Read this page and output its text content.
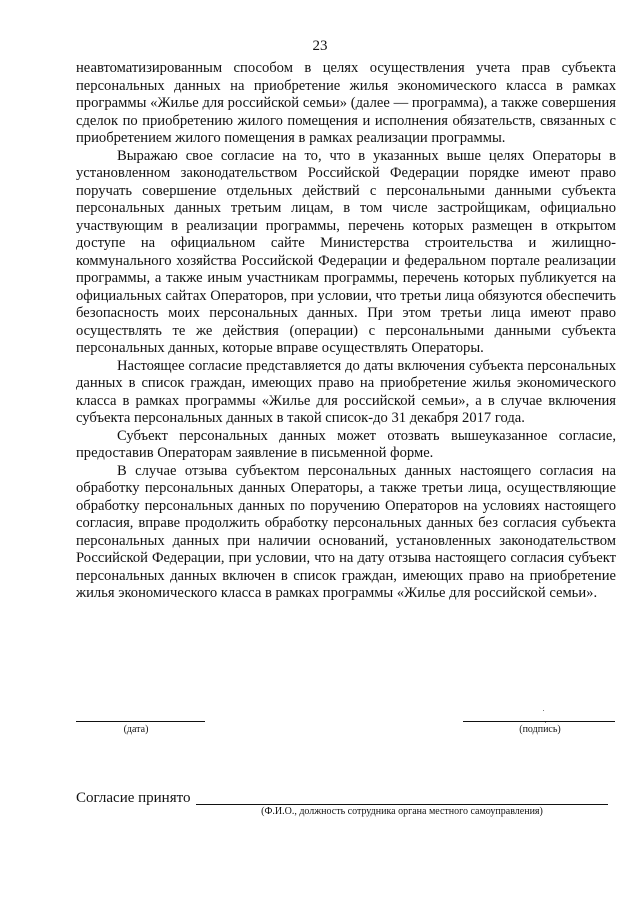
23

неавтоматизированным способом в целях осуществления учета прав субъекта персональных данных на приобретение жилья экономического класса в рамках программы «Жилье для российской семьи» (далее — программа), а также совершения сделок по приобретению жилого помещения и исполнения обязательств, связанных с приобретением жилого помещения в рамках реализации программы.

Выражаю свое согласие на то, что в указанных выше целях Операторы в установленном законодательством Российской Федерации порядке имеют право поручать совершение отдельных действий с персональными данными субъекта персональных данных третьим лицам, в том числе застройщикам, официально участвующим в реализации программы, перечень которых размещен в открытом доступе на официальном сайте Министерства строительства и жилищно-коммунального хозяйства Российской Федерации и федеральном портале реализации программы, а также иным участникам программы, перечень которых публикуется на официальных сайтах Операторов, при условии, что третьи лица обязуются обеспечить безопасность моих персональных данных. При этом третьи лица имеют право осуществлять те же действия (операции) с персональными данными субъекта персональных данных, которые вправе осуществлять Операторы.

Настоящее согласие представляется до даты включения субъекта персональных данных в список граждан, имеющих право на приобретение жилья экономического класса в рамках программы «Жилье для российской семьи», а в случае включения субъекта персональных данных в такой список-до 31 декабря 2017 года.

Субъект персональных данных может отозвать вышеуказанное согласие, предоставив Операторам заявление в письменной форме.

В случае отзыва субъектом персональных данных настоящего согласия на обработку персональных данных Операторы, а также третьи лица, осуществляющие обработку персональных данных по поручению Операторов на условиях настоящего согласия, вправе продолжить обработку персональных данных без согласия субъекта персональных данных при наличии оснований, установленных законодательством Российской Федерации, при условии, что на дату отзыва настоящего согласия субъект персональных данных включен в список граждан, имеющих право на приобретение жилья экономического класса в рамках программы «Жилье для российской семьи».

(дата)	(подпись)
Согласие принято
(Ф.И.О., должность сотрудника органа местного самоуправления)
